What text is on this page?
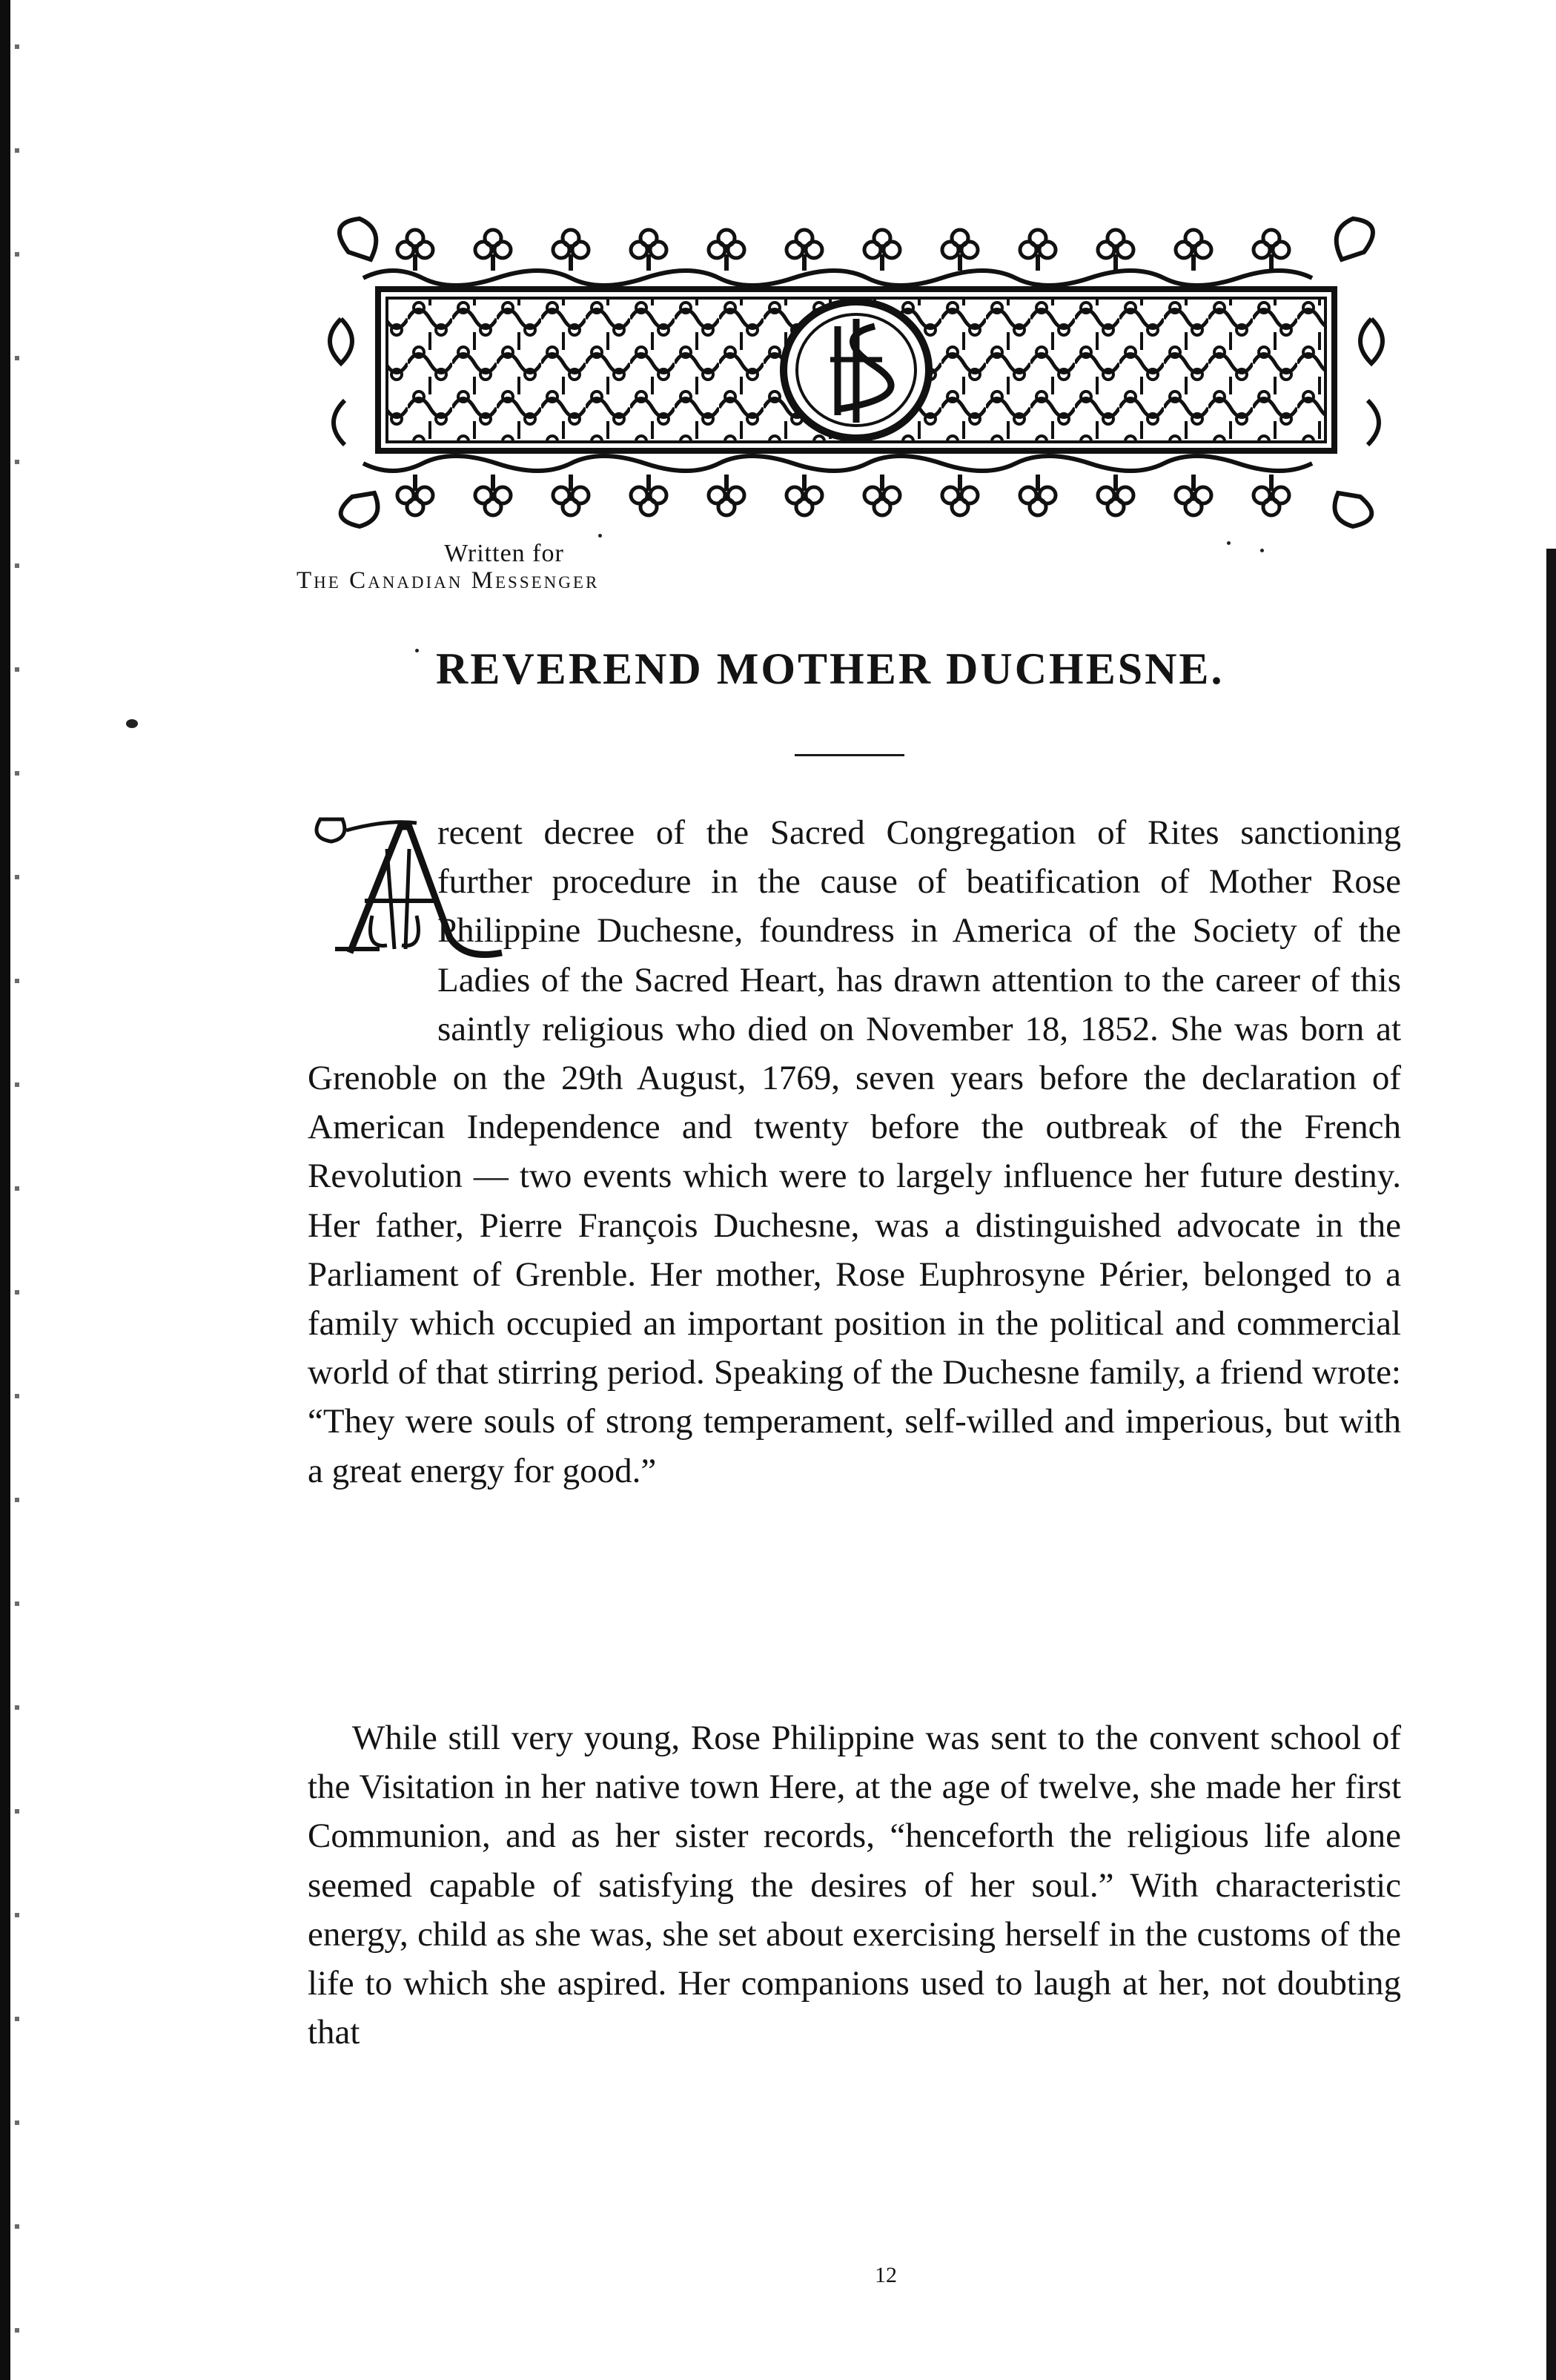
Written for
The Canadian Messenger
REVEREND MOTHER DUCHESNE.

recent decree of the Sacred Congregation of Rites sanctioning further procedure in the cause of beatification of Mother Rose Philippine Duchesne, foundress in America of the Society of the Ladies of the Sacred Heart, has drawn attention to the career of this saintly religious who died on November 18, 1852. She was born at Grenoble on the 29th August, 1769, seven years before the declaration of American Independence and twenty before the outbreak of the French Revolution — two events which were to largely influence her future destiny. Her father, Pierre François Duchesne, was a distinguished advocate in the Parliament of Grenble. Her mother, Rose Euphrosyne Périer, belonged to a family which occupied an important position in the political and commercial world of that stirring period. Speaking of the Duchesne family, a friend wrote: “They were souls of strong temperament, self-willed and imperious, but with a great energy for good.”

While still very young, Rose Philippine was sent to the convent school of the Visitation in her native town Here, at the age of twelve, she made her first Communion, and as her sister records, “henceforth the religious life alone seemed capable of satisfying the desires of her soul.” With characteristic energy, child as she was, she set about exercising herself in the customs of the life to which she aspired. Her companions used to laugh at her, not doubting that

12
